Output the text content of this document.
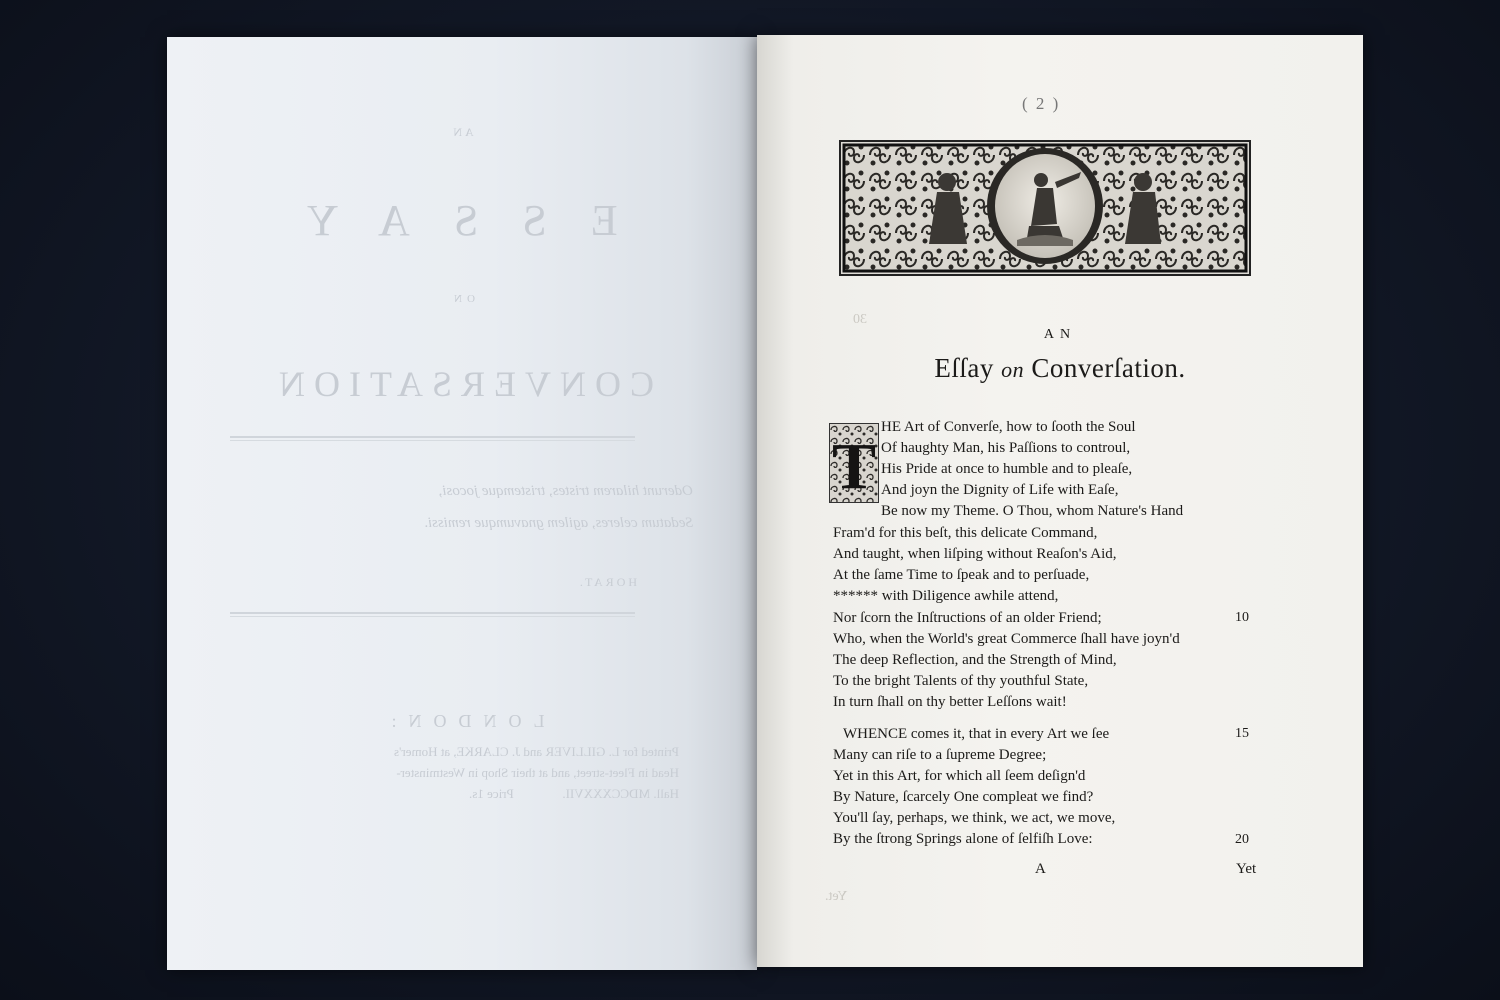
AN
ESSAY
ON
CONVERSATION
Oderunt hilarem tristes, tristemque jocosi,
Sedatum celeres, agilem gnavumque remissi.
HORAT.
LONDON:
Printed for L. GILLIVER and J. CLARKE, at Homer's
Head in Fleet-street, and at their Shop in Westminster-
Hall. MDCCXXXVII.
Price 1s.
( 2 )
AN
Eſſay on Converſation.
T
HE Art of Converſe, how to ſooth the Soul
Of haughty Man, his Paſſions to controul,
His Pride at once to humble and to pleaſe,
And joyn the Dignity of Life with Eaſe,
Be now my Theme. O Thou, whom Nature's Hand
Fram'd for this beſt, this delicate Command,
And taught, when liſping without Reaſon's Aid,
At the ſame Time to ſpeak and to perſuade,
****** with Diligence awhile attend,
Nor ſcorn the Inſtructions of an older Friend;
Who, when the World's great Commerce ſhall have joyn'd
The deep Reflection, and the Strength of Mind,
To the bright Talents of thy youthful State,
In turn ſhall on thy better Leſſons wait!
WHENCE comes it, that in every Art we ſee
Many can riſe to a ſupreme Degree;
Yet in this Art, for which all ſeem deſign'd
By Nature, ſcarcely One compleat we find?
You'll ſay, perhaps, we think, we act, we move,
By the ſtrong Springs alone of ſelfiſh Love:
10
15
20
A	Yet
30
Yet.
